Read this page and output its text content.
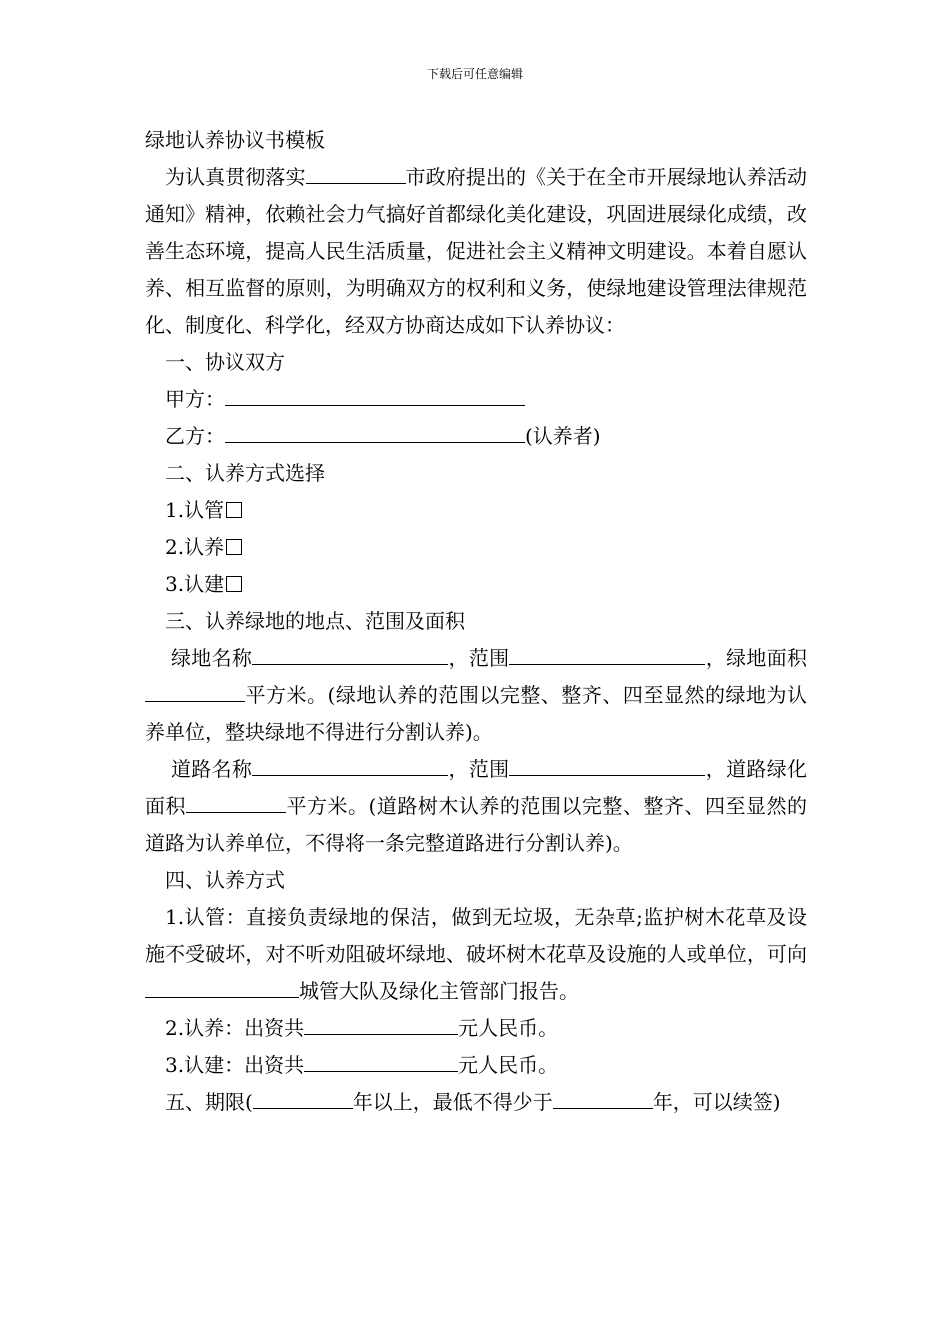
下载后可任意编辑

绿地认养协议书模板

为认真贯彻落实	市政府提出的《关于在全市开展绿地认养活动通知》精神，依赖社会力气搞好首都绿化美化建设，巩固进展绿化成绩，改善生态环境，提高人民生活质量，促进社会主义精神文明建设。本着自愿认养、相互监督的原则，为明确双方的权利和义务，使绿地建设管理法律规范化、制度化、科学化，经双方协商达成如下认养协议：

一、协议双方

甲方：

乙方：	(认养者)

二、认养方式选择

1.认管

2.认养

3.认建

三、认养绿地的地点、范围及面积

绿地名称	，范围	，绿地面积平方米。(绿地认养的范围以完整、整齐、四至显然的绿地为认养单位，整块绿地不得进行分割认养)。

道路名称	，范围	，道路绿化面积	平方米。(道路树木认养的范围以完整、整齐、四至显然的道路为认养单位，不得将一条完整道路进行分割认养)。

四、认养方式

1.认管：直接负责绿地的保洁，做到无垃圾，无杂草;监护树木花草及设施不受破坏，对不听劝阻破坏绿地、破坏树木花草及设施的人或单位，可向城管大队及绿化主管部门报告。

2.认养：出资共	元人民币。

3.认建：出资共	元人民币。

五、期限(	年以上，最低不得少于	年，可以续签)
